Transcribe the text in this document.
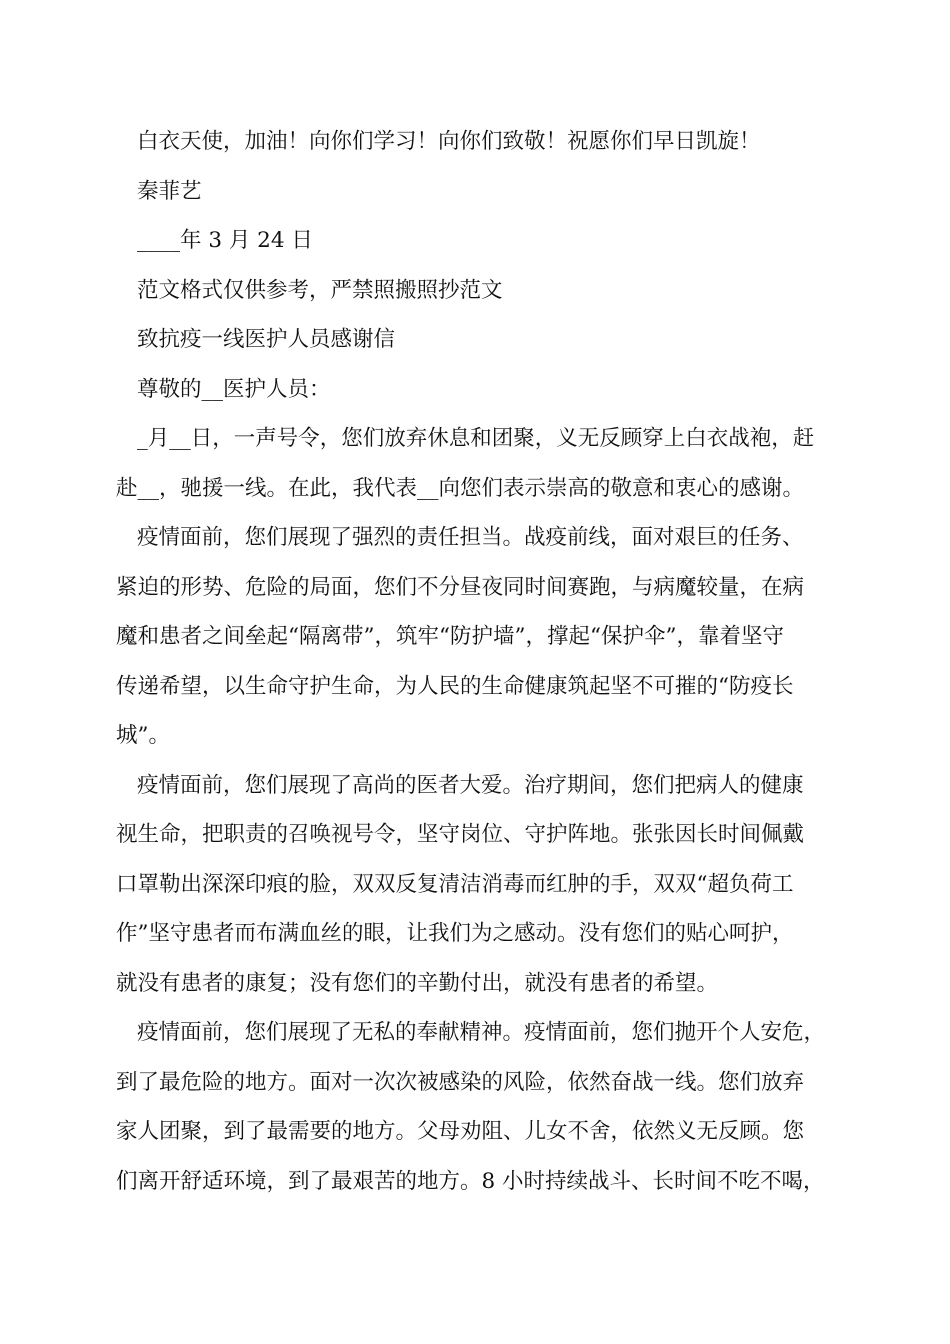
白衣天使，加油！向你们学习！向你们致敬！祝愿你们早日凯旋！

秦菲艺

____年 3 月 24 日

范文格式仅供参考，严禁照搬照抄范文

致抗疫一线医护人员感谢信

尊敬的__医护人员：

_月__日，一声号令，您们放弃休息和团聚，义无反顾穿上白衣战袍，赶
赴__，驰援一线。在此，我代表__向您们表示崇高的敬意和衷心的感谢。
疫情面前，您们展现了强烈的责任担当。战疫前线，面对艰巨的任务、
紧迫的形势、危险的局面，您们不分昼夜同时间赛跑，与病魔较量，在病
魔和患者之间垒起“隔离带”，筑牢“防护墙”，撑起“保护伞”，靠着坚守
传递希望，以生命守护生命，为人民的生命健康筑起坚不可摧的“防疫长
城”。
疫情面前，您们展现了高尚的医者大爱。治疗期间，您们把病人的健康
视生命，把职责的召唤视号令，坚守岗位、守护阵地。张张因长时间佩戴
口罩勒出深深印痕的脸，双双反复清洁消毒而红肿的手，双双“超负荷工
作”坚守患者而布满血丝的眼，让我们为之感动。没有您们的贴心呵护，
就没有患者的康复；没有您们的辛勤付出，就没有患者的希望。
疫情面前，您们展现了无私的奉献精神。疫情面前，您们抛开个人安危，
到了最危险的地方。面对一次次被感染的风险，依然奋战一线。您们放弃
家人团聚，到了最需要的地方。父母劝阻、儿女不舍，依然义无反顾。您
们离开舒适环境，到了最艰苦的地方。8 小时持续战斗、长时间不吃不喝，
